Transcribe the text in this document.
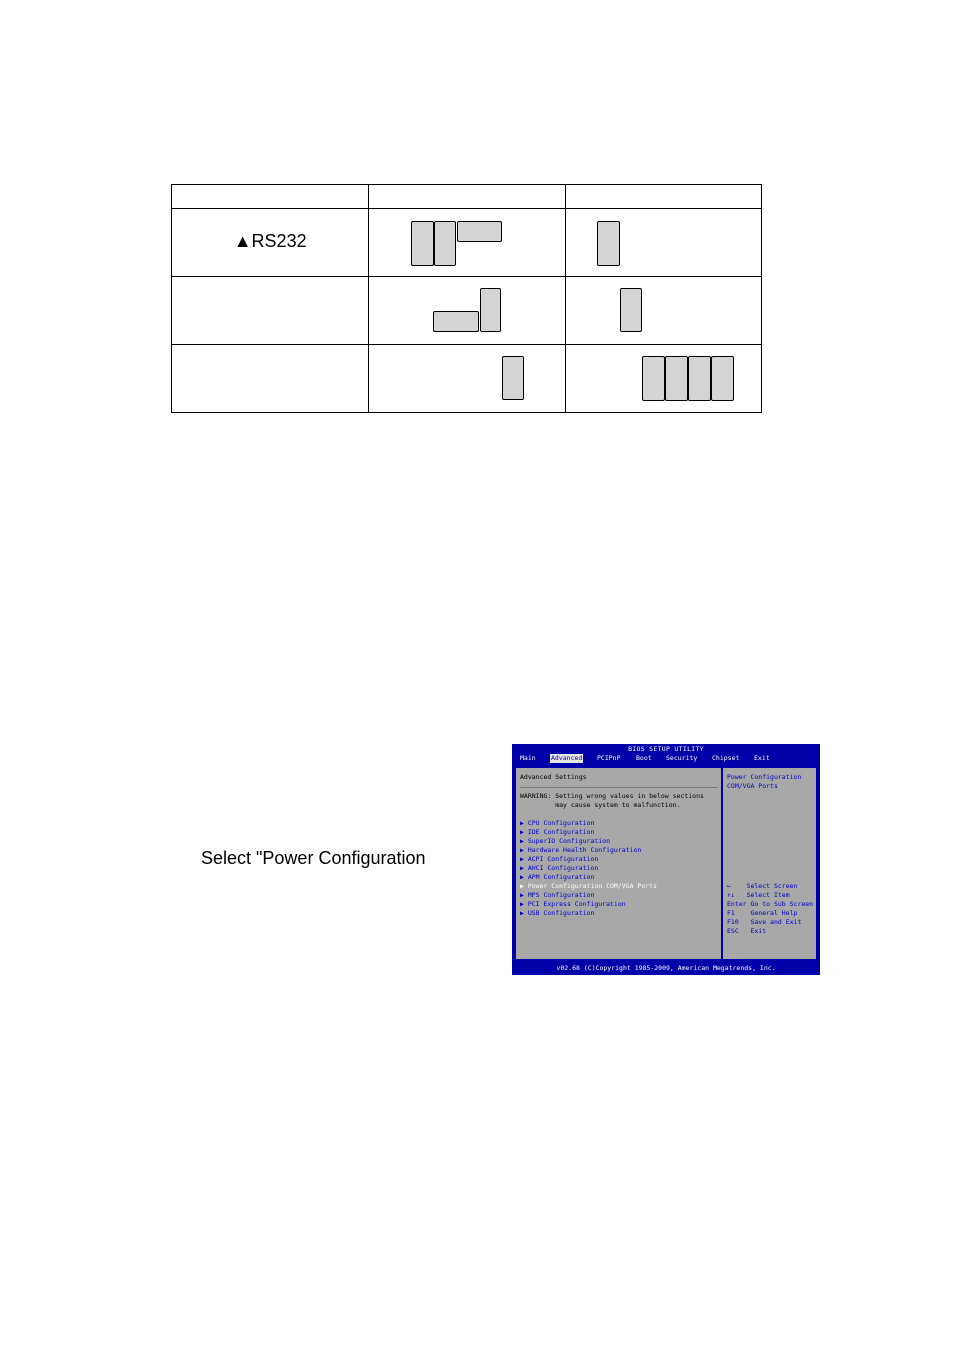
▲RS232		

Select "Power Configuration
BIOS SETUP UTILITY
Main Advanced PCIPnP Boot Security Chipset Exit
Advanced Settings
WARNING: Setting wrong values in below sections
may cause system to malfunction.
▶ CPU Configuration
▶ IDE Configuration
▶ SuperIO Configuration
▶ Hardware Health Configuration
▶ ACPI Configuration
▶ AHCI Configuration
▶ APM Configuration
▶ Power Configuration COM/VGA Ports
▶ MPS Configuration
▶ PCI Express Configuration
▶ USB Configuration
Power Configuration
COM/VGA Ports
←    Select Screen
↑↓   Select Item
Enter Go to Sub Screen
F1    General Help
F10   Save and Exit
ESC   Exit
v02.68 (C)Copyright 1985-2009, American Megatrends, Inc.
